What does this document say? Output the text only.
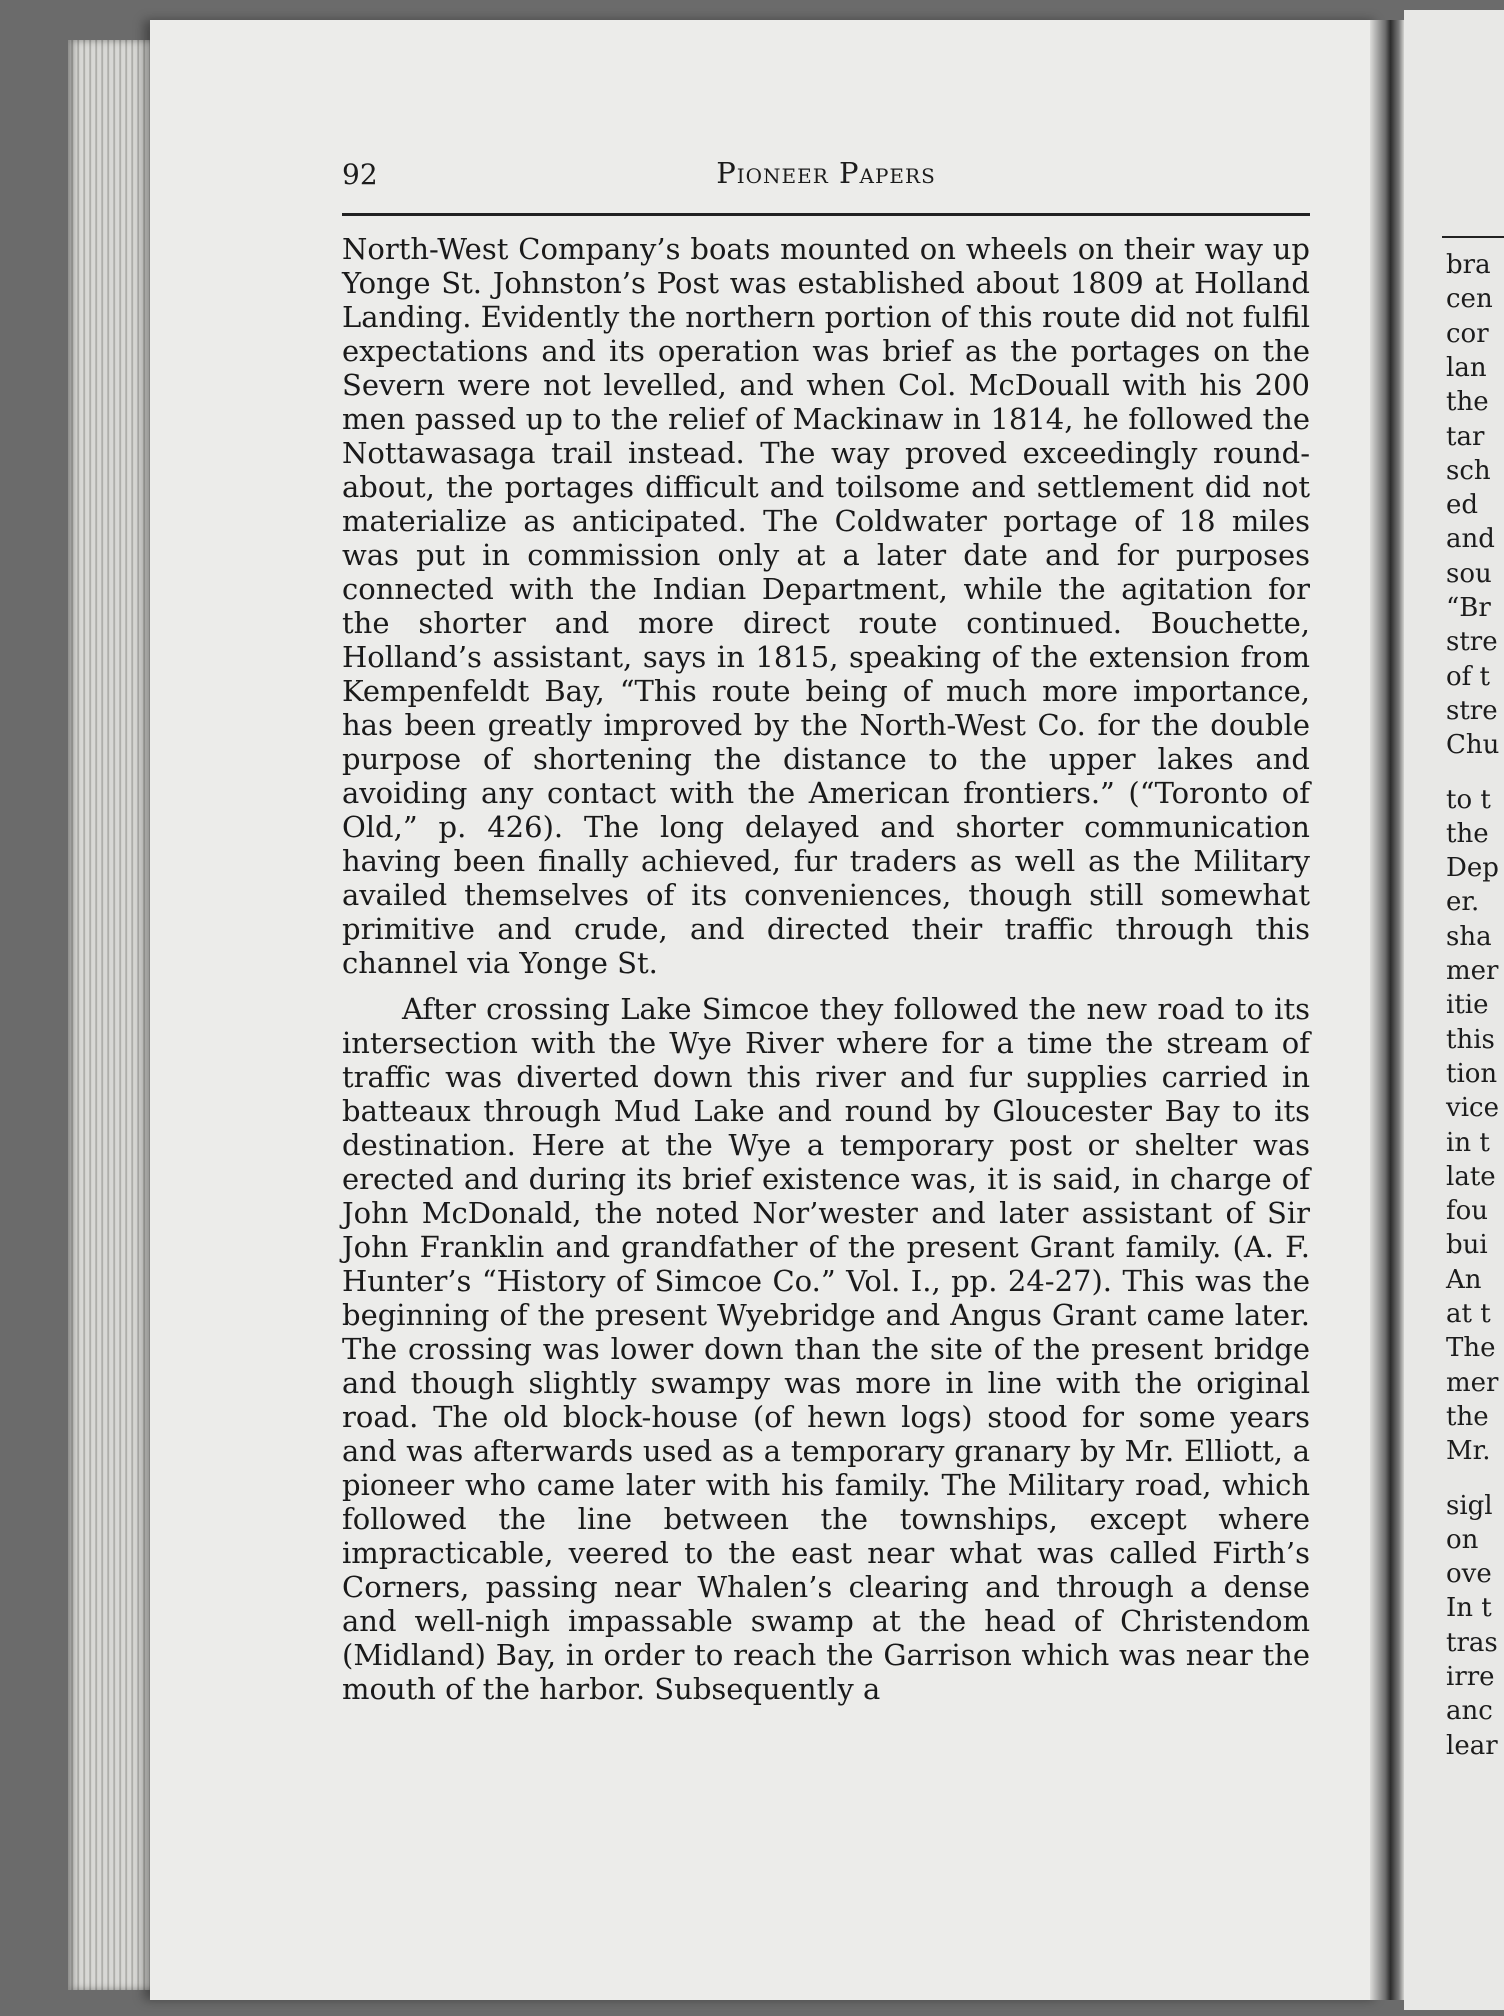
92	Pioneer Papers

North-West Company’s boats mounted on wheels on their way up Yonge St. Johnston’s Post was established about 1809 at Holland Landing. Evidently the northern portion of this route did not fulfil expectations and its operation was brief as the portages on the Severn were not levelled, and when Col. McDouall with his 200 men passed up to the relief of Mackinaw in 1814, he followed the Nottawasaga trail instead. The way proved exceedingly round-about, the portages difficult and toilsome and settlement did not materialize as anticipated. The Coldwater portage of 18 miles was put in commission only at a later date and for purposes connected with the Indian Department, while the agitation for the shorter and more direct route continued. Bouchette, Holland’s assistant, says in 1815, speaking of the extension from Kempenfeldt Bay, “This route being of much more importance, has been greatly improved by the North-West Co. for the double purpose of shortening the distance to the upper lakes and avoiding any contact with the American frontiers.” (“Toronto of Old,” p. 426). The long delayed and shorter communication having been finally achieved, fur traders as well as the Military availed themselves of its conveniences, though still somewhat primitive and crude, and directed their traffic through this channel via Yonge St.

After crossing Lake Simcoe they followed the new road to its intersection with the Wye River where for a time the stream of traffic was diverted down this river and fur supplies carried in batteaux through Mud Lake and round by Gloucester Bay to its destination. Here at the Wye a temporary post or shelter was erected and during its brief existence was, it is said, in charge of John McDonald, the noted Nor’wester and later assistant of Sir John Franklin and grandfather of the present Grant family. (A. F. Hunter’s “History of Simcoe Co.” Vol. I., pp. 24-27). This was the beginning of the present Wyebridge and Angus Grant came later. The crossing was lower down than the site of the present bridge and though slightly swampy was more in line with the original road. The old block-house (of hewn logs) stood for some years and was afterwards used as a temporary granary by Mr. Elliott, a pioneer who came later with his family. The Military road, which followed the line between the townships, except where impracticable, veered to the east near what was called Firth’s Corners, passing near Whalen’s clearing and through a dense and well-nigh impassable swamp at the head of Christendom (Midland) Bay, in order to reach the Garrison which was near the mouth of the harbor. Subsequently a

bra
cen
cor
lan
the
tar
sch
ed
and
sou
“Br
stre
of t
stre
Chu
to t
the
Dep
er.
sha
mer
itie
this
tion
vice
in t
late
fou
bui
An
at t
The
mer
the
Mr.
sigl
on
ove
In t
tras
irre
anc
lear
